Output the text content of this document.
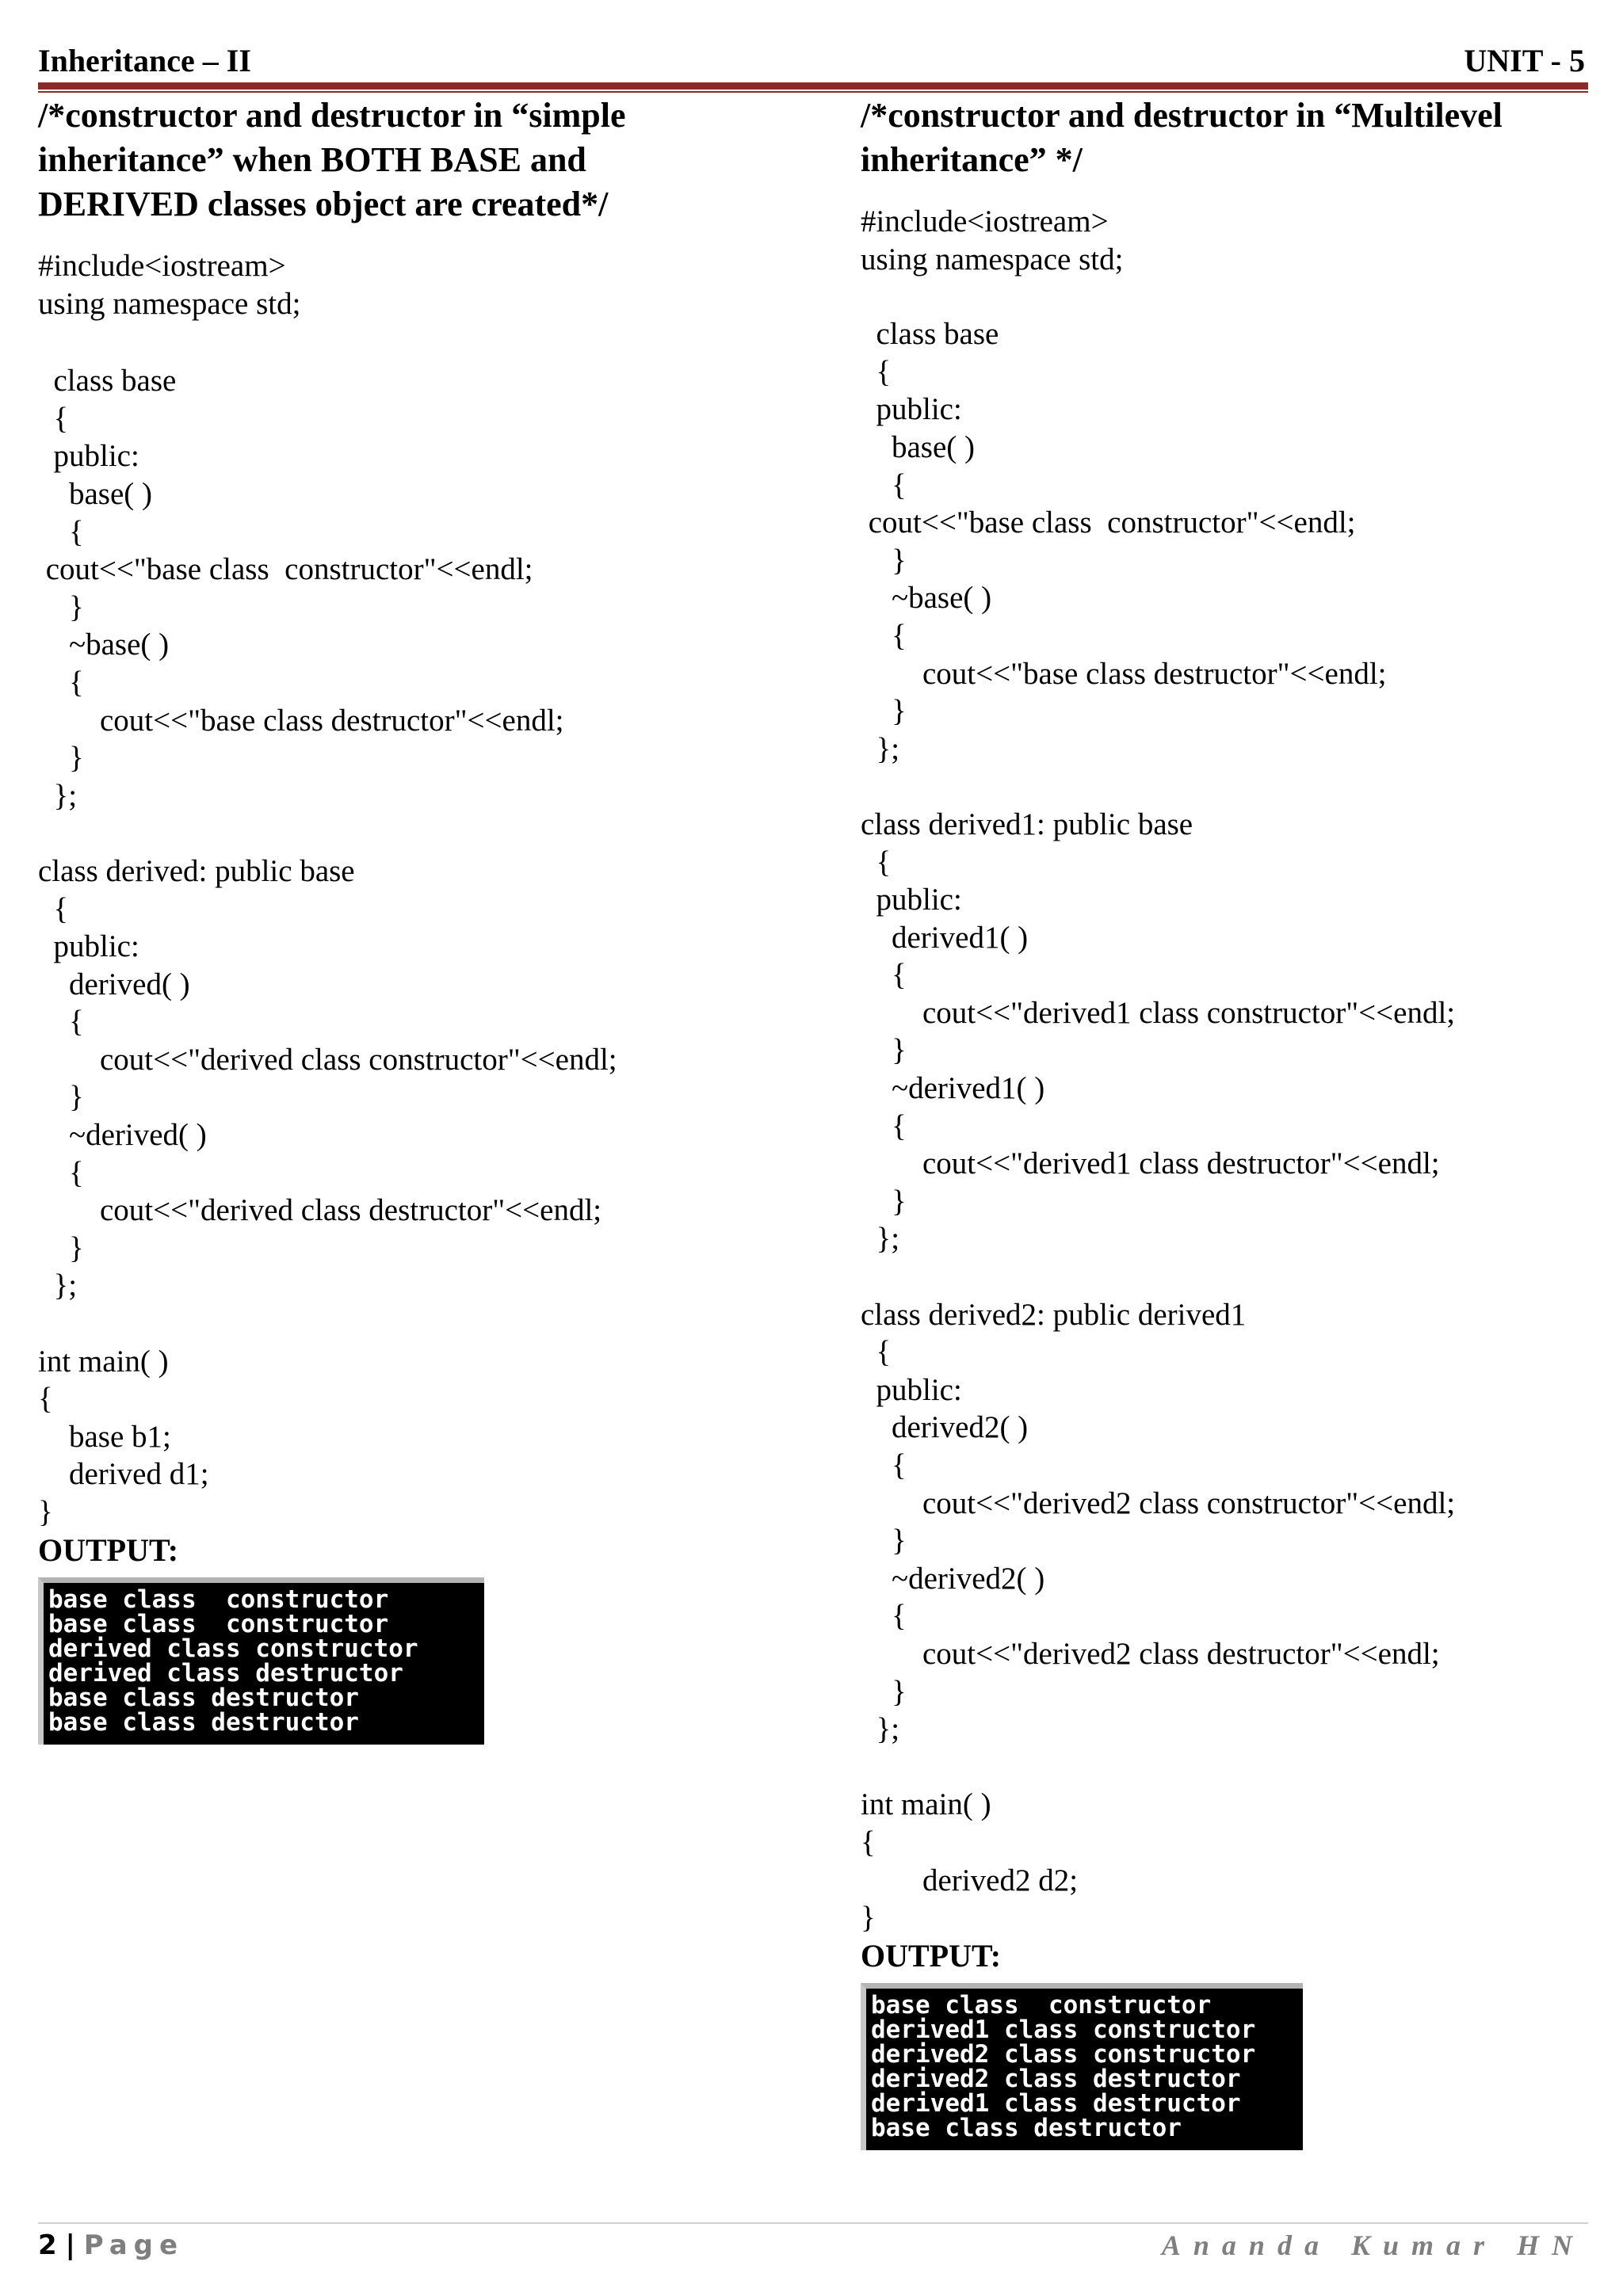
Inheritance – II	UNIT - 5
/*constructor and destructor in “simple inheritance” when BOTH BASE and DERIVED classes object are created*/
#include<iostream>
using namespace std;
class base
{
public:
base( )
{
cout<<"base class  constructor"<<endl;
}
~base( )
{
cout<<"base class destructor"<<endl;
}
};

class derived: public base
{
public:
derived( )
{
cout<<"derived class constructor"<<endl;
}
~derived( )
{
cout<<"derived class destructor"<<endl;
}
};

int main( )
{
base b1;
derived d1;
}
OUTPUT:
base class  constructor
base class  constructor
derived class constructor
derived class destructor
base class destructor
base class destructor
/*constructor and destructor in “Multilevel inheritance” */
#include<iostream>
using namespace std;
class base
{
public:
base( )
{
cout<<"base class  constructor"<<endl;
}
~base( )
{
cout<<"base class destructor"<<endl;
}
};

class derived1: public base
{
public:
derived1( )
{
cout<<"derived1 class constructor"<<endl;
}
~derived1( )
{
cout<<"derived1 class destructor"<<endl;
}
};

class derived2: public derived1
{
public:
derived2( )
{
cout<<"derived2 class constructor"<<endl;
}
~derived2( )
{
cout<<"derived2 class destructor"<<endl;
}
};

int main( )
{
derived2 d2;
}
OUTPUT:
base class  constructor
derived1 class constructor
derived2 class constructor
derived2 class destructor
derived1 class destructor
base class destructor
2 | Page	Ananda Kumar HN
